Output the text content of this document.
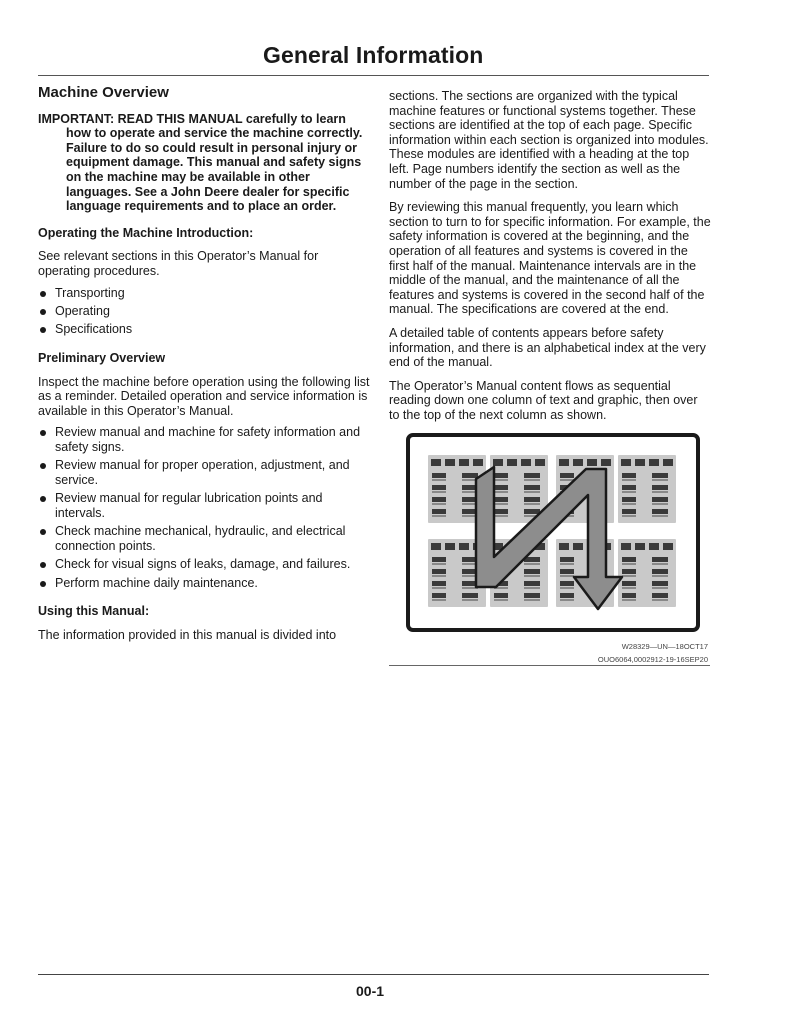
General Information
Machine Overview

IMPORTANT: READ THIS MANUAL carefully to learn how to operate and service the machine correctly. Failure to do so could result in personal injury or equipment damage. This manual and safety signs on the machine may be available in other languages. See a John Deere dealer for specific language requirements and to place an order.

Operating the Machine Introduction:

See relevant sections in this Operator’s Manual for operating procedures.

Transporting
Operating
Specifications
Preliminary Overview

Inspect the machine before operation using the following list as a reminder. Detailed operation and service information is available in this Operator’s Manual.

Review manual and machine for safety information and safety signs.
Review manual for proper operation, adjustment, and service.
Review manual for regular lubrication points and intervals.
Check machine mechanical, hydraulic, and electrical connection points.
Check for visual signs of leaks, damage, and failures.
Perform machine daily maintenance.
Using this Manual:

The information provided in this manual is divided into

sections. The sections are organized with the typical machine features or functional systems together. These sections are identified at the top of each page. Specific information within each section is organized into modules. These modules are identified with a heading at the top left. Page numbers identify the section as well as the number of the page in the section.

By reviewing this manual frequently, you learn which section to turn to for specific information. For example, the safety information is covered at the beginning, and the operation of all features and systems is covered in the first half of the manual. Maintenance intervals are in the middle of the manual, and the maintenance of all the features and systems is covered in the second half of the manual. The specifications are covered at the end.

A detailed table of contents appears before safety information, and there is an alphabetical index at the very end of the manual.

The Operator’s Manual content flows as sequential reading down one column of text and graphic, then over to the top of the next column as shown.

W28329—UN—18OCT17
OUO6064,0002912-19-16SEP20
00-1
